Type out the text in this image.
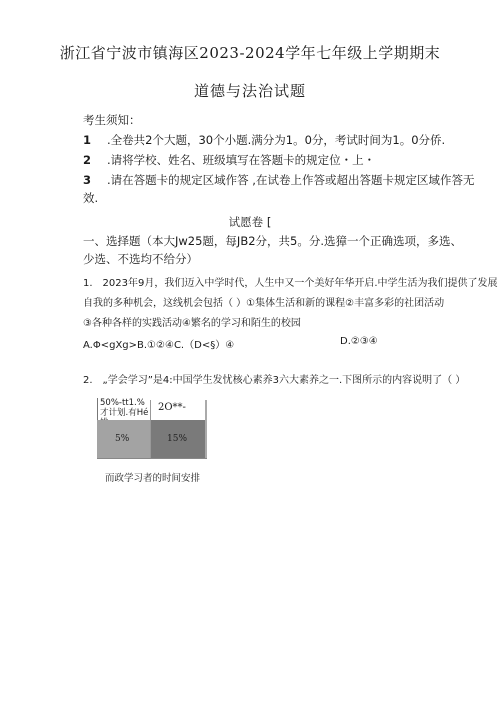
浙江省宁波市镇海区2023-2024学年七年级上学期期末
道德与法治试题
考生须知：
1 .全卷共2个大题，30个小题.满分为1。0分，考试时间为1。0分侨.
2 .请将学校、姓名、班级填写在答题卡的规定位・上・
3 .请在答题卡的规定区域作答 ,在试卷上作答或超出答题卡规定区域作答无
效.
试愿卷 [
一、选择题（本大Jw25题，每JB2分，共5。分.选獐一个正确选项，多选、
少选、不选均不给分）
1.　2023年9月，我们迈入中学时代，人生中又一个美好年华开启.中学生活为我们提供了发展
自我的多种机会，这线机会包括（ ）①集体生活和新的课程②丰富多彩的社团活动
③各种各样的实践活动④繁名的学习和陌生的校园
A.Φ<gXg>B.①②④C.（D<§）④	D.②③④
2.　„学会学习”是4:中国学生发忧核心素养3六大素养之一.下图所示的内容说明了（ ）
50%-tt1.%才计划.有Hé 2O**-
5%	15%
而政学习者的时间安排
